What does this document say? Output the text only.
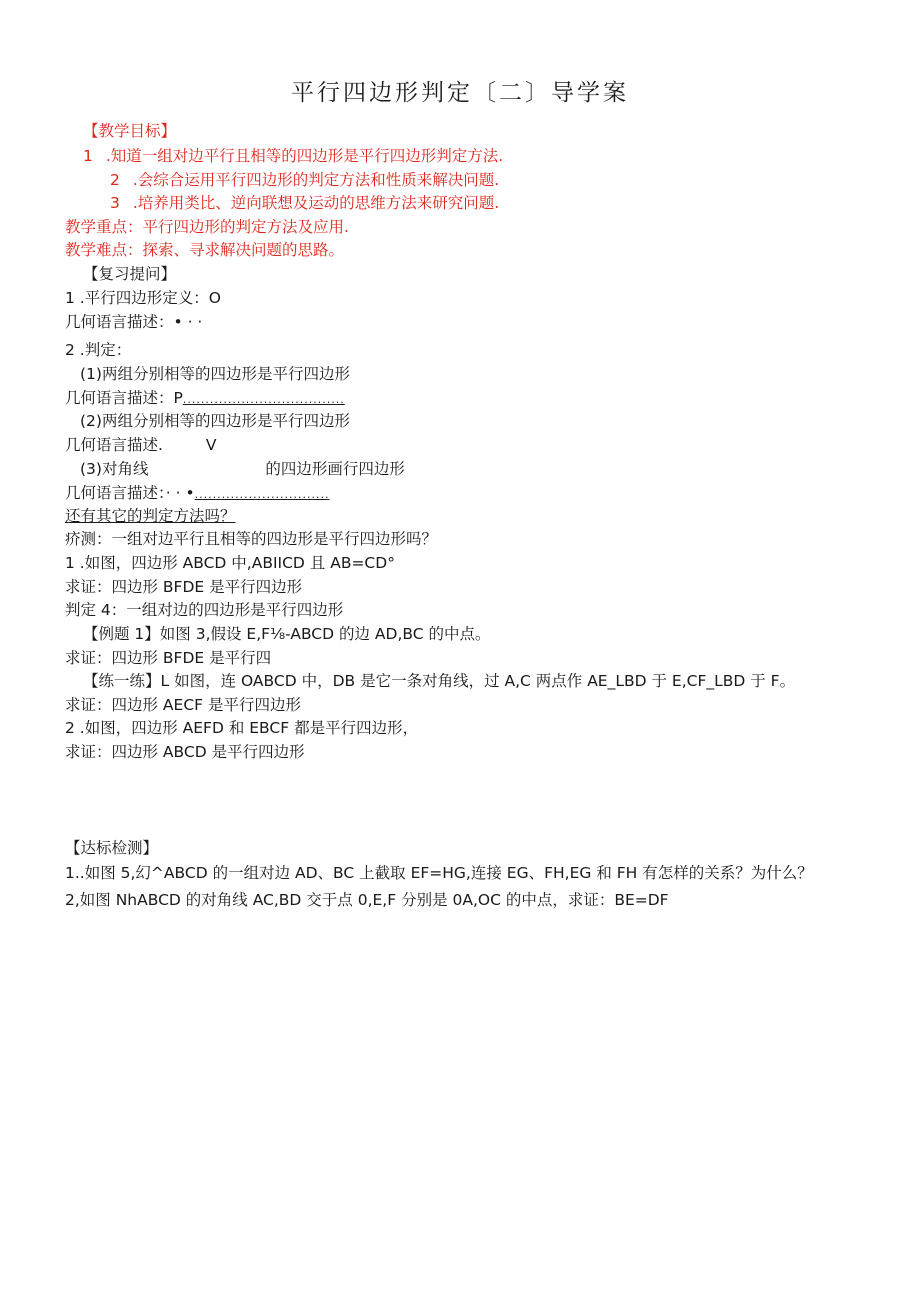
平行四边形判定〔二〕导学案
【教学目标】
1 .知道一组对边平行且相等的四边形是平行四边形判定方法.
2 .会综合运用平行四边形的判定方法和性质来解决问题.
3 .培养用类比、逆向联想及运动的思维方法来研究问题.
教学重点：平行四边形的判定方法及应用.
教学难点：探索、寻求解决问题的思路。
【复习提问】
1 .平行四边形定义：O
几何语言描述：• · ·
2 .判定：
(1)两组分别相等的四边形是平行四边形
几何语言描述：P....................................
(2)两组分别相等的四边形是平行四边形
几何语言描述.	V
(3)对角线	的四边形画行四边形
几何语言描述：· · •..............................
还有其它的判定方法吗？
疥测：一组对边平行且相等的四边形是平行四边形吗？
1 .如图，四边形 ABCD 中,ABIICD 且 AB=CD°
求证：四边形 BFDE 是平行四边形
判定 4：一组对边的四边形是平行四边形
【例题 1】如图 3,假设 E,F⅛-ABCD 的边 AD,BC 的中点。
求证：四边形 BFDE 是平行四
【练一练】L 如图，连 OABCD 中，DB 是它一条对角线，过 A,C 两点作 AE_LBD 于 E,CF_LBD 于 F。
求证：四边形 AECF 是平行四边形
2 .如图，四边形 AEFD 和 EBCF 都是平行四边形，
求证：四边形 ABCD 是平行四边形
【达标检测】
1..如图 5,幻^ABCD 的一组对边 AD、BC 上截取 EF=HG,连接 EG、FH,EG 和 FH 有怎样的关系？为什么？
2,如图 NhABCD 的对角线 AC,BD 交于点 0,E,F 分别是 0A,OC 的中点，求证：BE=DF
